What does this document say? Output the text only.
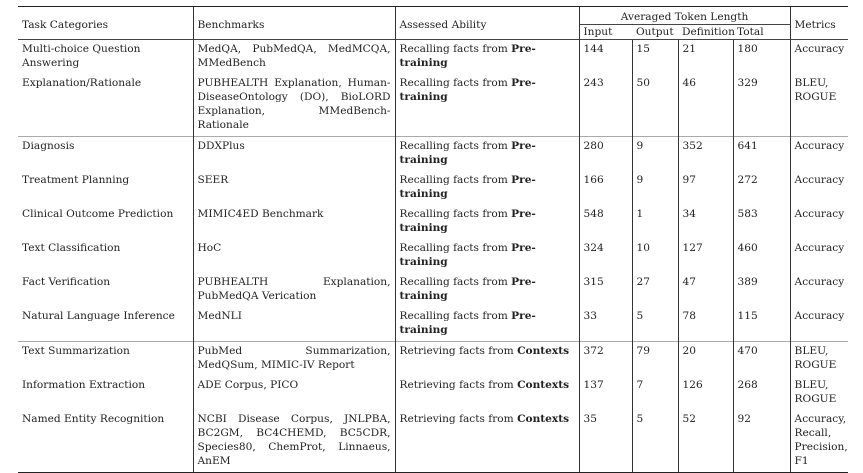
Task Categories	Benchmarks	Assessed Ability	Averaged Token Length				Metrics
			Input	Output	Definition	Total	
Multi-choice Question Answering	MedQA, PubMedQA, MedMCQA, MMedBench	Recalling facts from Pre-training	144	15	21	180	Accuracy
Explanation/Rationale	PUBHEALTH Explanation, Human-DiseaseOntology (DO), BioLORD Explanation, MMedBench-Rationale	Recalling facts from Pre-training	243	50	46	329	BLEU, ROGUE
Diagnosis	DDXPlus	Recalling facts from Pre-training	280	9	352	641	Accuracy
Treatment Planning	SEER	Recalling facts from Pre-training	166	9	97	272	Accuracy
Clinical Outcome Prediction	MIMIC4ED Benchmark	Recalling facts from Pre-training	548	1	34	583	Accuracy
Text Classification	HoC	Recalling facts from Pre-training	324	10	127	460	Accuracy
Fact Verification	PUBHEALTH Explanation, PubMedQA Verication	Recalling facts from Pre-training	315	27	47	389	Accuracy
Natural Language Inference	MedNLI	Recalling facts from Pre-training	33	5	78	115	Accuracy
Text Summarization	PubMed Summarization, MedQSum, MIMIC-IV Report	Retrieving facts from Contexts	372	79	20	470	BLEU, ROGUE
Information Extraction	ADE Corpus, PICO	Retrieving facts from Contexts	137	7	126	268	BLEU, ROGUE
Named Entity Recognition	NCBI Disease Corpus, JNLPBA, BC2GM, BC4CHEMD, BC5CDR, Species80, ChemProt, Linnaeus, AnEM	Retrieving facts from Contexts	35	5	52	92	Accuracy, Recall, Precision, F1
